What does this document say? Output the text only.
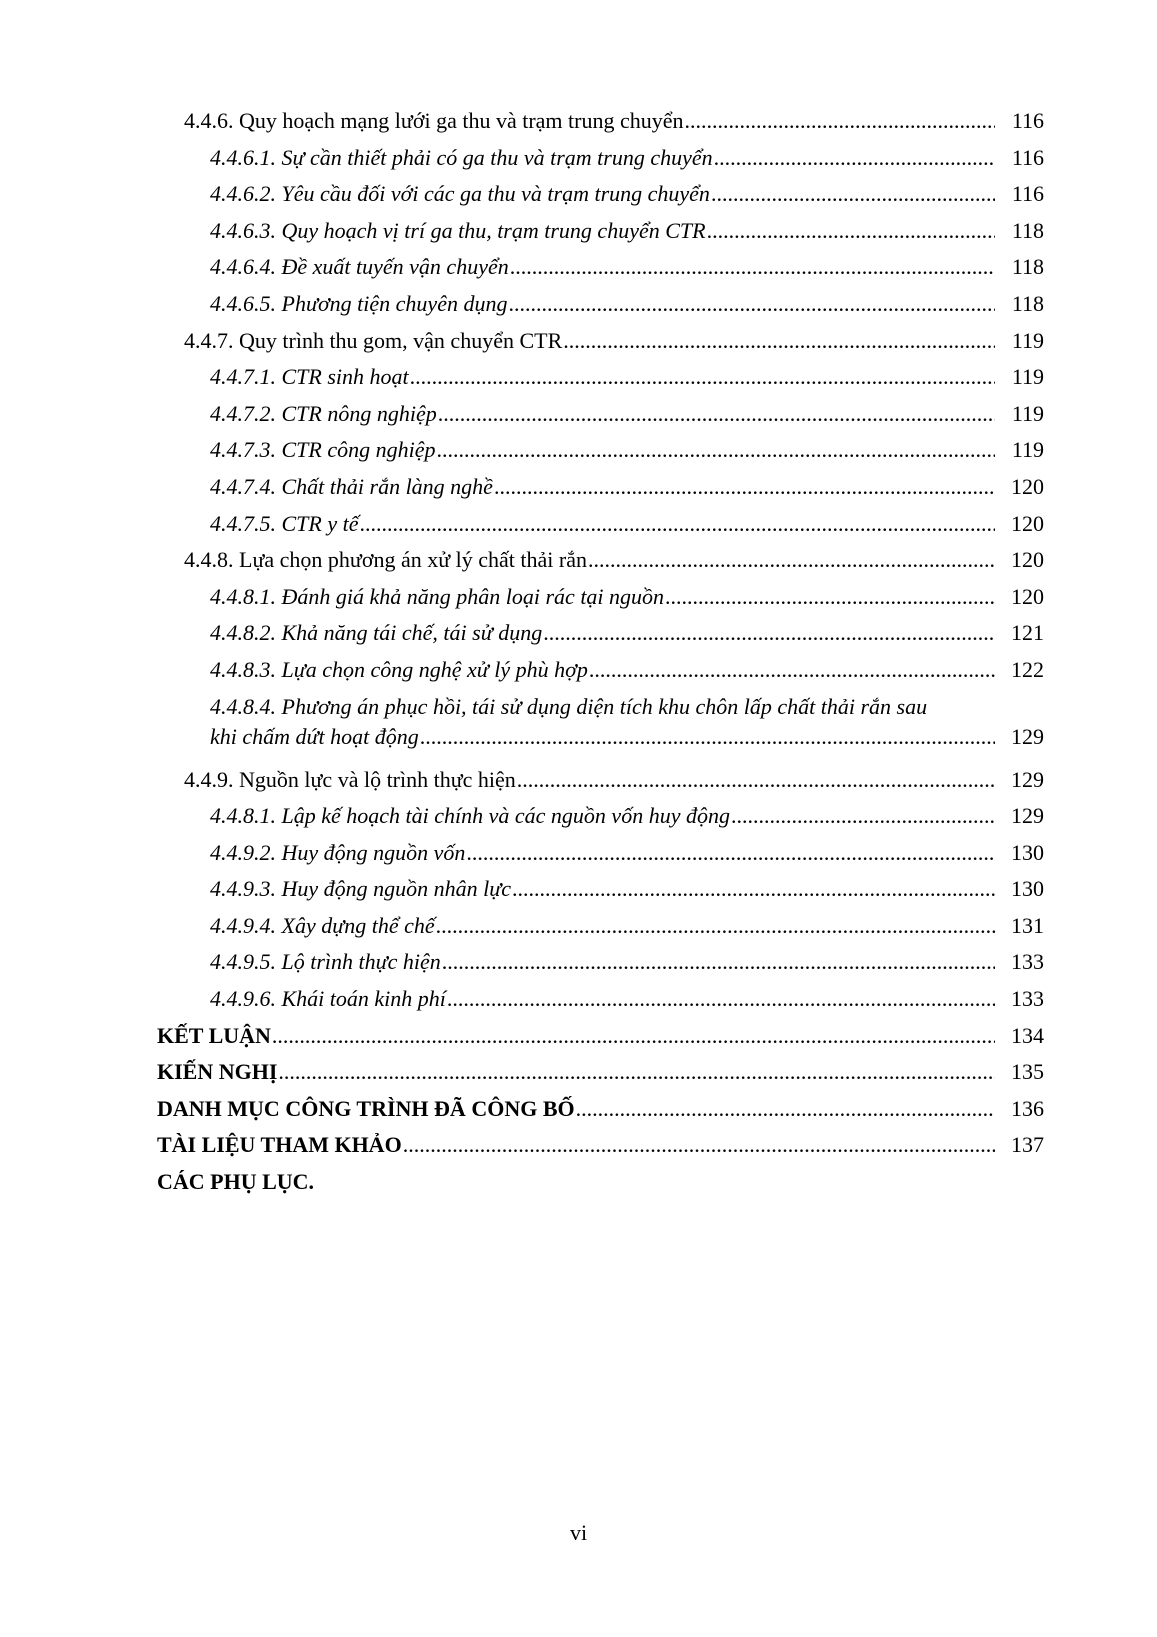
4.4.6. Quy hoạch mạng lưới ga thu và trạm trung chuyển .....	116
4.4.6.1. Sự cần thiết phải có ga thu và trạm trung chuyển .....	116
4.4.6.2. Yêu cầu đối với các ga thu và trạm trung chuyển .....	116
4.4.6.3. Quy hoạch vị trí ga thu, trạm trung chuyển CTR .....	118
4.4.6.4. Đề xuất tuyến vận chuyển .....	118
4.4.6.5. Phương tiện chuyên dụng .....	118
4.4.7. Quy trình thu gom, vận chuyển CTR .....	119
4.4.7.1. CTR sinh hoạt .....	119
4.4.7.2. CTR nông nghiệp .....	119
4.4.7.3. CTR công nghiệp .....	119
4.4.7.4. Chất thải rắn làng nghề .....	120
4.4.7.5. CTR y tế .....	120
4.4.8. Lựa chọn phương án xử lý chất thải rắn .....	120
4.4.8.1. Đánh giá khả năng phân loại rác tại nguồn .....	120
4.4.8.2. Khả năng tái chế, tái sử dụng .....	121
4.4.8.3. Lựa chọn công nghệ xử lý phù hợp .....	122
4.4.8.4. Phương án phục hồi, tái sử dụng diện tích khu chôn lấp chất thải rắn sau
khi chấm dứt hoạt động .....	129
4.4.9. Nguồn lực và lộ trình thực hiện .....	129
4.4.8.1. Lập kế hoạch tài chính và các nguồn vốn huy động .....	129
4.4.9.2. Huy động nguồn vốn .....	130
4.4.9.3. Huy động nguồn nhân lực .....	130
4.4.9.4. Xây dựng thể chế .....	131
4.4.9.5. Lộ trình thực hiện .....	133
4.4.9.6. Khái toán kinh phí .....	133
KẾT LUẬN .....	134
KIẾN NGHỊ .....	135
DANH MỤC CÔNG TRÌNH ĐÃ CÔNG BỐ .....	136
TÀI LIỆU THAM KHẢO .....	137
CÁC PHỤ LỤC.
vi
